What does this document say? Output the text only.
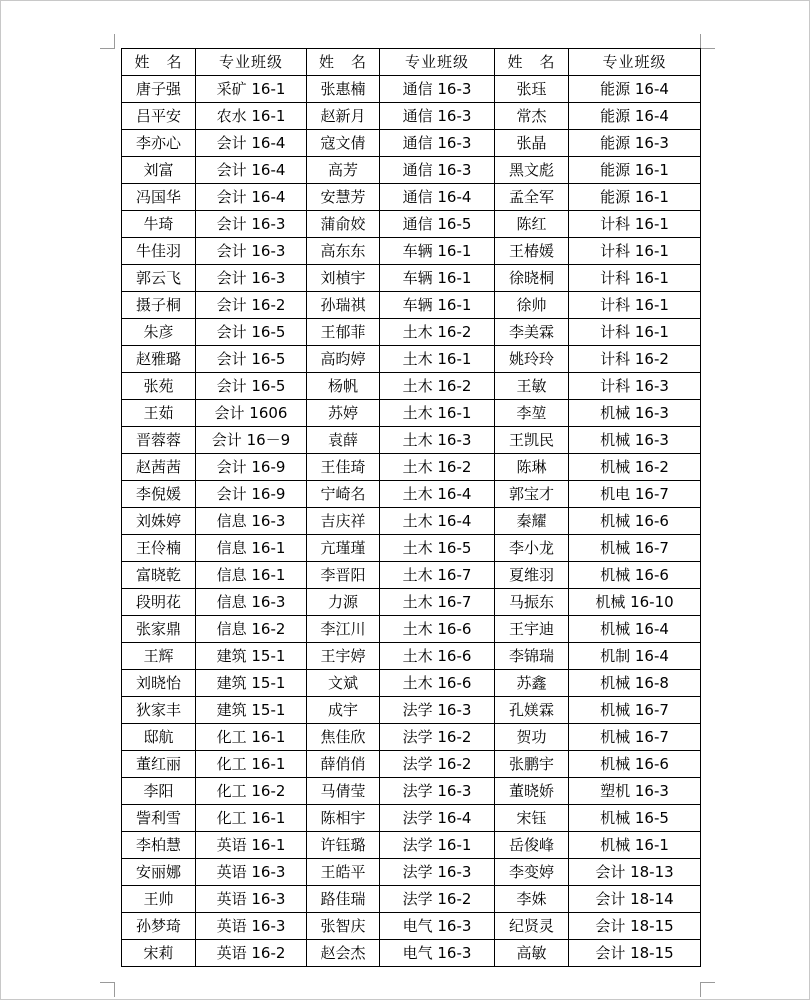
姓　名	专业班级	姓　名	专业班级	姓　名	专业班级
唐子强	采矿 16-1	张惠楠	通信 16-3	张珏	能源 16-4
吕平安	农水 16-1	赵新月	通信 16-3	常杰	能源 16-4
李亦心	会计 16-4	寇文倩	通信 16-3	张晶	能源 16-3
刘富	会计 16-4	高芳	通信 16-3	黑文彪	能源 16-1
冯国华	会计 16-4	安慧芳	通信 16-4	孟全军	能源 16-1
牛琦	会计 16-3	蒲俞姣	通信 16-5	陈红	计科 16-1
牛佳羽	会计 16-3	高东东	车辆 16-1	王椿媛	计科 16-1
郭云飞	会计 16-3	刘楨宇	车辆 16-1	徐晓桐	计科 16-1
摄子桐	会计 16-2	孙瑞祺	车辆 16-1	徐帅	计科 16-1
朱彦	会计 16-5	王郁菲	土木 16-2	李美霖	计科 16-1
赵雅璐	会计 16-5	高昀婷	土木 16-1	姚玲玲	计科 16-2
张苑	会计 16-5	杨帆	土木 16-2	王敏	计科 16-3
王茹	会计 1606	苏婷	土木 16-1	李堃	机械 16-3
晋蓉蓉	会计 16－9	袁薛	土木 16-3	王凯民	机械 16-3
赵茜茜	会计 16-9	王佳琦	土木 16-2	陈琳	机械 16-2
李倪媛	会计 16-9	宁崎名	土木 16-4	郭宝才	机电 16-7
刘姝婷	信息 16-3	吉庆祥	土木 16-4	秦耀	机械 16-6
王伶楠	信息 16-1	亢瑾瑾	土木 16-5	李小龙	机械 16-7
富晓乾	信息 16-1	李晋阳	土木 16-7	夏维羽	机械 16-6
段明花	信息 16-3	力源	土木 16-7	马振东	机械 16-10
张家鼎	信息 16-2	李江川	土木 16-6	王宇迪	机械 16-4
王辉	建筑 15-1	王宇婷	土木 16-6	李锦瑞	机制 16-4
刘晓怡	建筑 15-1	文斌	土木 16-6	苏鑫	机械 16-8
狄家丰	建筑 15-1	成宇	法学 16-3	孔媄霖	机械 16-7
邸航	化工 16-1	焦佳欣	法学 16-2	贺功	机械 16-7
董红丽	化工 16-1	薛俏俏	法学 16-2	张鹏宇	机械 16-6
李阳	化工 16-2	马倩莹	法学 16-3	董晓娇	塑机 16-3
訾利雪	化工 16-1	陈相宇	法学 16-4	宋钰	机械 16-5
李柏慧	英语 16-1	许钰璐	法学 16-1	岳俊峰	机械 16-1
安丽娜	英语 16-3	王皓平	法学 16-3	李变婷	会计 18-13
王帅	英语 16-3	路佳瑞	法学 16-2	李姝	会计 18-14
孙梦琦	英语 16-3	张智庆	电气 16-3	纪贤灵	会计 18-15
宋莉	英语 16-2	赵会杰	电气 16-3	高敏	会计 18-15
